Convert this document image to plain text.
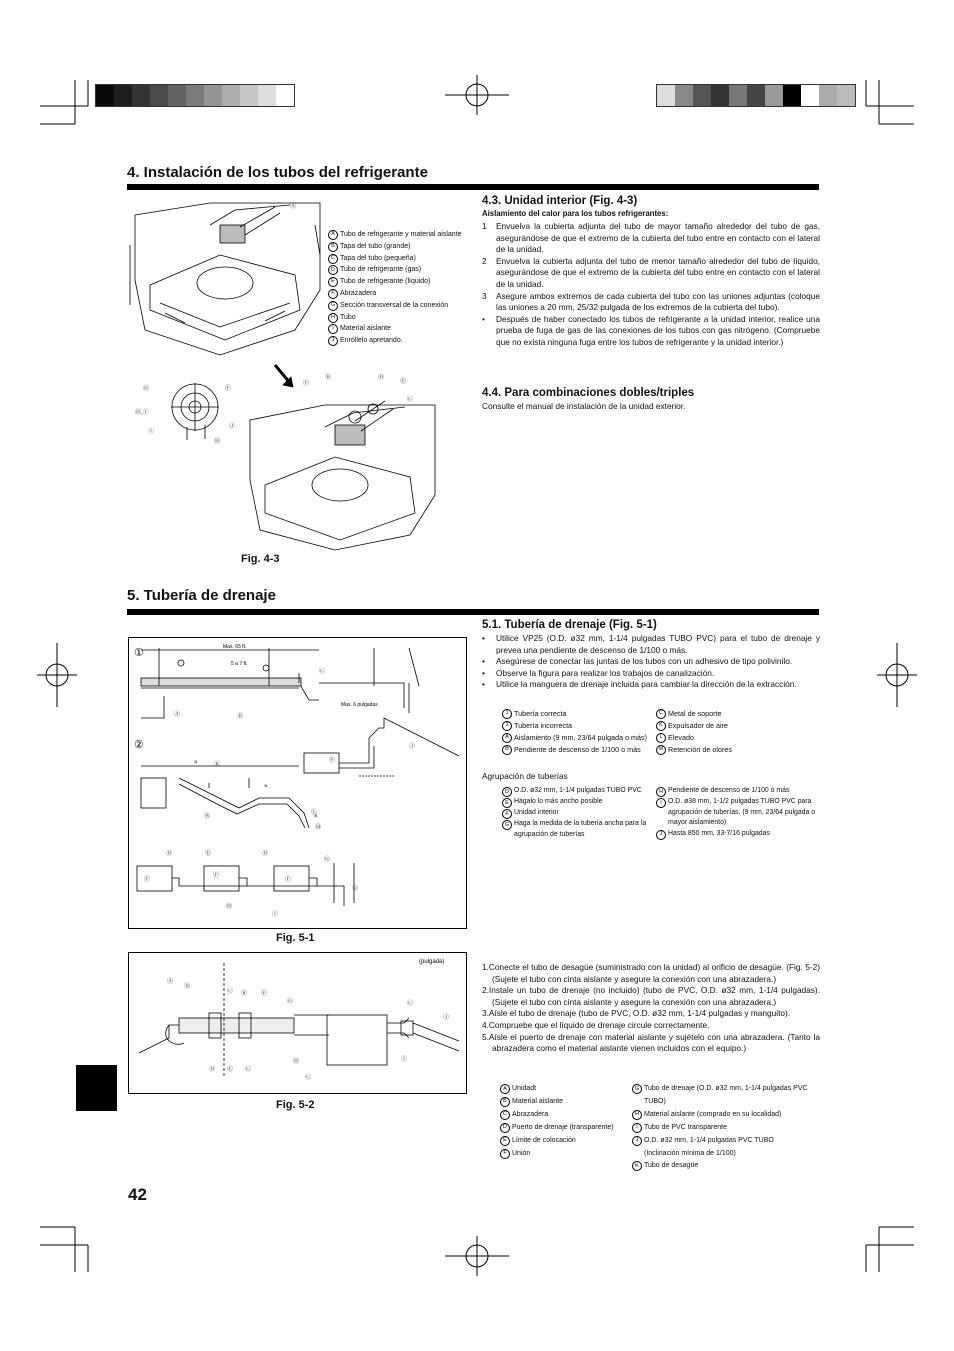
4. Instalación de los tubos del refrigerante
Ⓐ
Ⓖ	Ⓕ
Ⓗ,Ⓘ
Ⓙ
Ⓘ
Ⓗ
Ⓕ
Ⓑ	Ⓓ
Ⓔ
Ⓒ
A Tubo de refrigerante y material aislante
B Tapa del tubo (grande)
C Tapa del tubo (pequeña)
D Tubo de refrigerante (gas)
E Tubo de refrigerante (líquido)
F Abrazadera
G Sección transversal de la conexión
H Tubo
I Material aislante
J Enróllelo apretando.
Fig. 4-3
4.3. Unidad interior (Fig. 4-3)
Aislamiento del calor para los tubos refrigerantes:
1	Envuelva la cubierta adjunta del tubo de mayor tamaño alrededor del tubo de gas, asegurándose de que el extremo de la cubierta del tubo entre en contacto con el lateral de la unidad.
2	Envuelva la cubierta adjunta del tubo de menor tamaño alrededor del tubo de líquido, asegurándose de que el extremo de la cubierta del tubo entre en contacto con el lateral de la unidad.
3	Asegure ambos extremos de cada cubierta del tubo con las uniones adjuntas (coloque las uniones a 20 mm, 25/32 pulgada de los extremos de la cubierta del tubo).
•	Después de haber conectado los tubos de refrigerante a la unidad interior, realice una prueba de fuga de gas de las conexiones de los tubos con gas nitrógeno. (Compruebe que no exista ninguna fuga entre los tubos de refrigerante y la unidad interior.)
4.4. Para combinaciones dobles/triples
Consulte el manual de instalación de la unidad exterior.
5. Tubería de drenaje
①
②
Max. 65 ft.
5 a 7 ft.
Max. 6 pulgadas
Ⓐ	Ⓑ
Ⓒ
Ⓙ
Ⓕ
Ⓚ
Ⓛ
Ⓜ
Ⓑ
Ⓓ	Ⓔ	Ⓓ
Ⓖ
Ⓖ
Ⓕ
Ⓕ
Ⓕ
Ⓗ
Ⓘ
×
×
×
Fig. 5-1
5.1. Tubería de drenaje (Fig. 5-1)
•	Utilice VP25 (O.D. ø32 mm, 1-1/4 pulgadas TUBO PVC) para el tubo de drenaje y prevea una pendiente de descenso de 1/100 o más.
•	Asegúrese de conectar las juntas de los tubos con un adhesivo de tipo polivinilo.
•	Observe la figura para realizar los trabajos de canalización.
•	Utilice la manguera de drenaje incluida para cambiar la dirección de la extracción.
1 Tubería correcta
2 Tubería incorrecta
A Aislamiento (9 mm, 23/64 pulgada o más)
B Pendiente de descenso de 1/100 o más
C Metal de soporte
K Expulsador de aire
L Elevado
M Retención de olores
Agrupación de tuberías
D O.D. ø32 mm, 1-1/4 pulgadas TUBO PVC
E Hágalo lo más ancho posible
F Unidad interior
G Haga la medida de la tubería ancha para la agrupación de tuberías
H Pendiente de descenso de 1/100 o más
I O.D. ø38 mm, 1-1/2 pulgadas TUBO PVC para agrupación de tuberías. (9 mm, 23/64 pulgada o mayor aislamiento)
J Hasta 850 mm, 33-7/16 pulgadas
(pulgada)
Ⓐ
Ⓑ
Ⓒ Ⓚ Ⓕ
Ⓖ
Ⓓ Ⓔ Ⓒ
Ⓗ
Ⓒ
Ⓒ
Ⓙ
Ⓘ
Fig. 5-2
1.Conecte el tubo de desagüe (suministrado con la unidad) al orificio de desagüe. (Fig. 5-2) (Sujete el tubo con cinta aislante y asegure la conexión con una abrazadera.)
2.Instale un tubo de drenaje (no incluido) (tubo de PVC, O.D. ø32 mm, 1-1/4 pulgadas). (Sujete el tubo con cinta aislante y asegure la conexión con una abrazadera.)
3.Aísle el tubo de drenaje (tubo de PVC, O.D. ø32 mm, 1-1/4 pulgadas y manguito).
4.Compruebe que el líquido de drenaje circule correctamente.
5.Aísle el puerto de drenaje con material aislante y sujételo con una abrazadera. (Tanto la abrazadera como el material aislante vienen incluidos con el equipo.)
A Unidadt
B Material aislante
C Abrazadera
D Puerto de drenaje (transparente)
E Límite de colocación
F Unión
G Tubo de drenaje (O.D. ø32 mm, 1-1/4 pulgadas PVC TUBO)
H Material aislante (comprado en su localidad)
I Tubo de PVC transparente
J O.D. ø32 mm, 1-1/4 pulgadas PVC TUBO
(Inclinación mínima de 1/100)
K Tubo de desagüe
42
